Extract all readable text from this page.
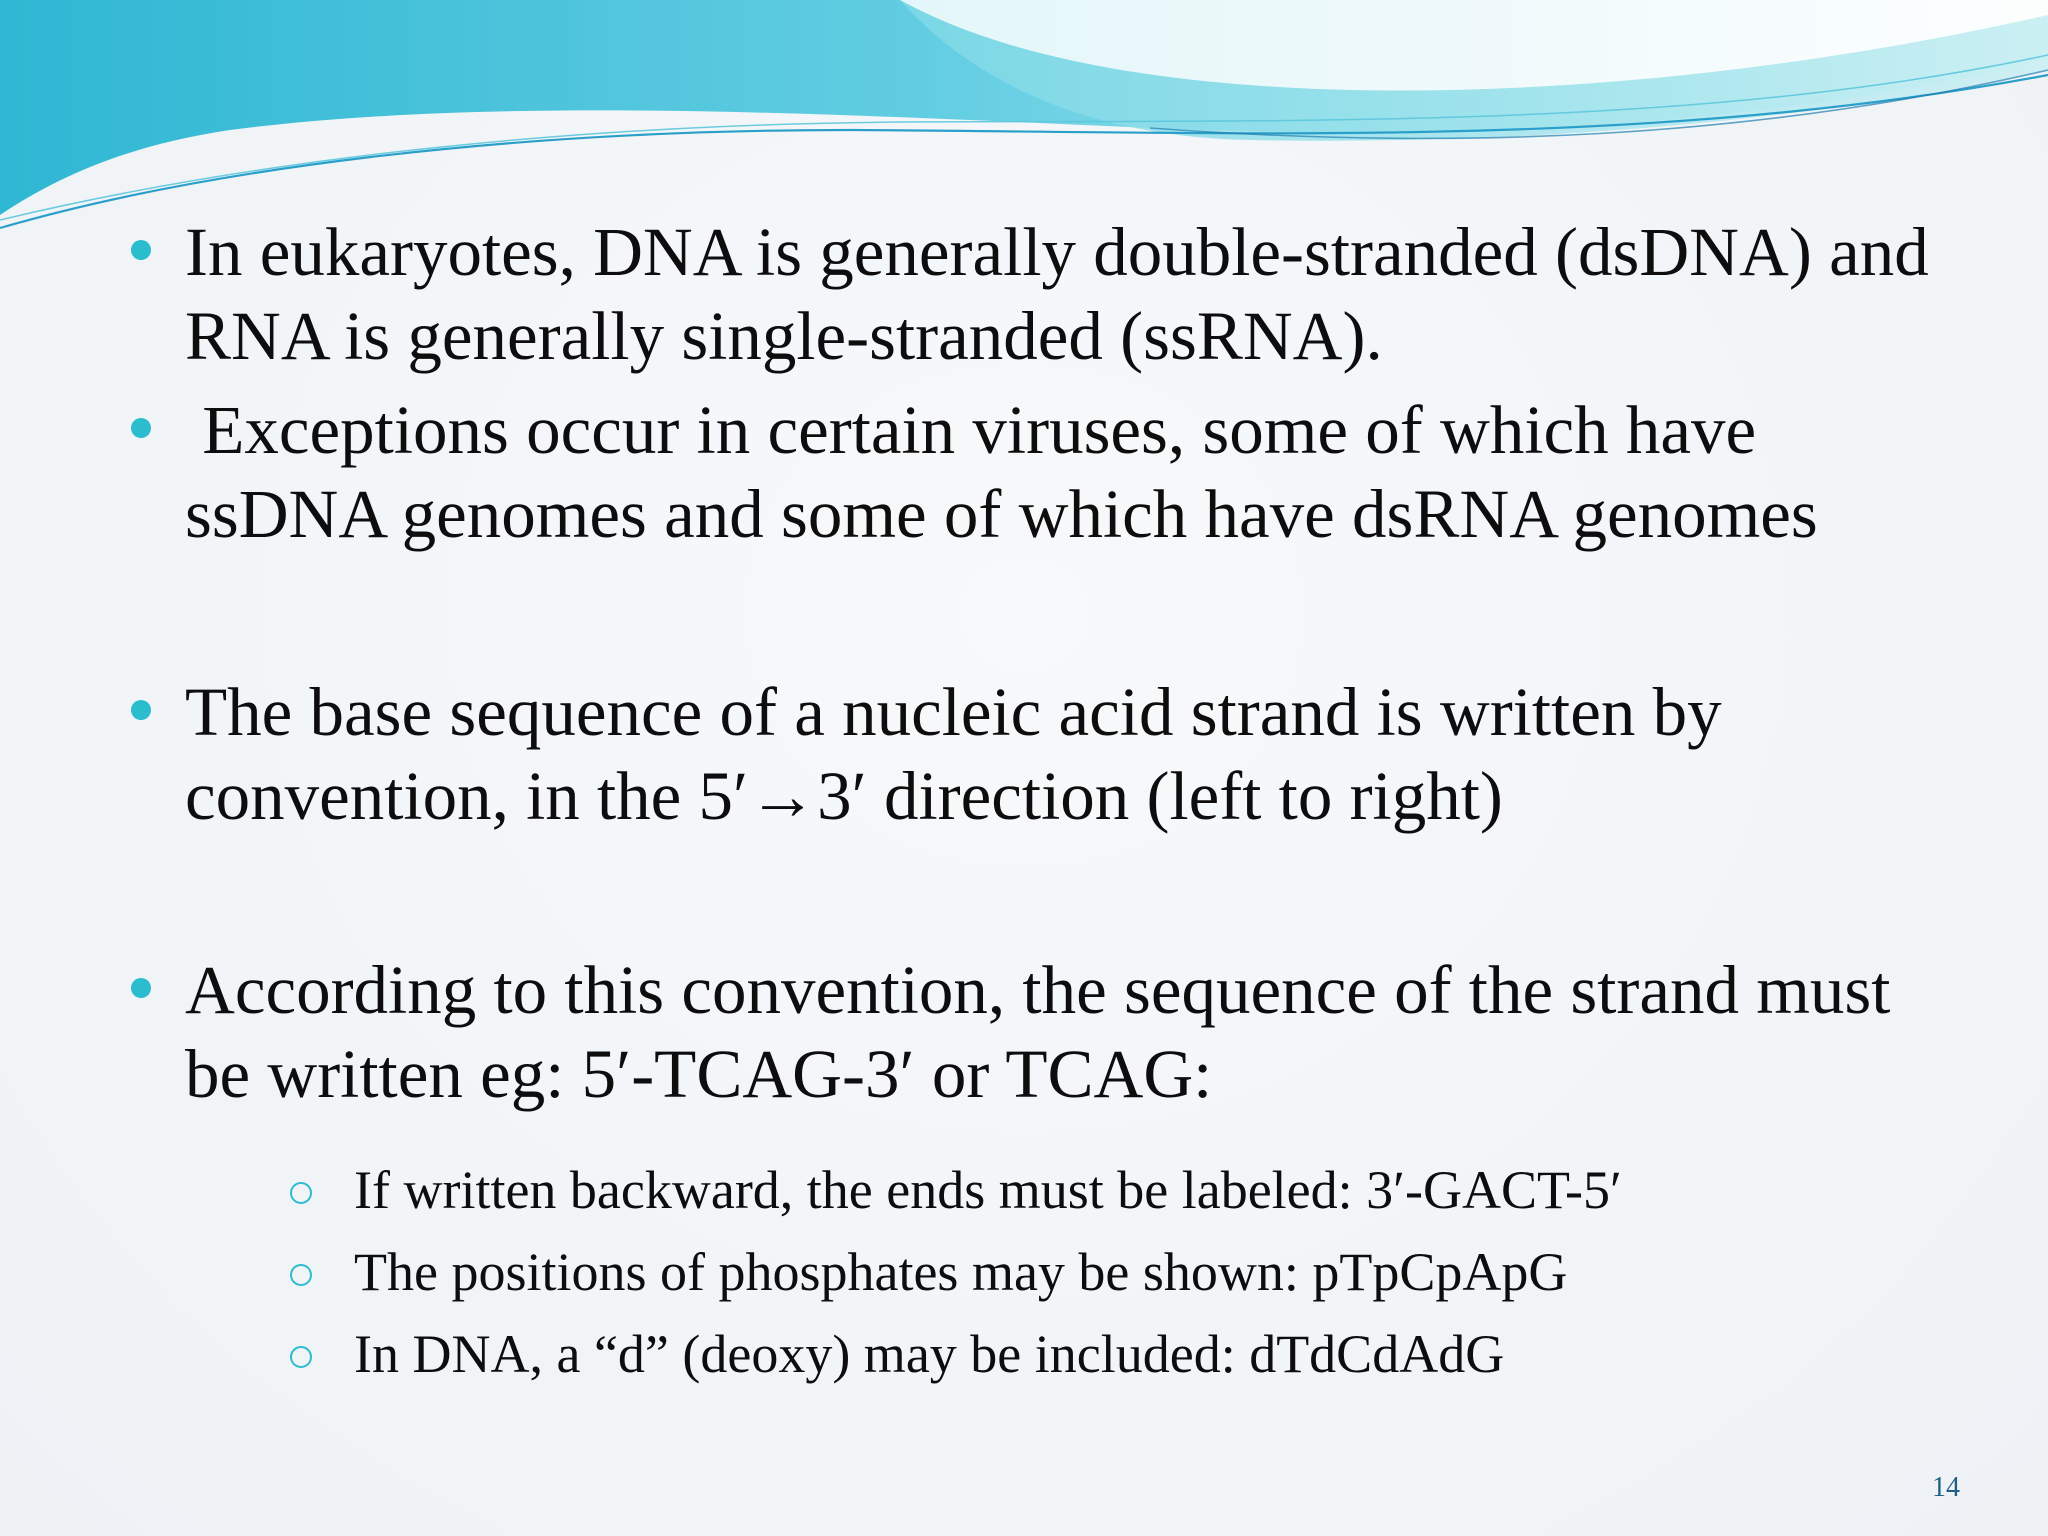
In eukaryotes, DNA is generally double-stranded (dsDNA) and
RNA is generally single-stranded (ssRNA).
Exceptions occur in certain viruses, some of which have
ssDNA genomes and some of which have dsRNA genomes
The base sequence of a nucleic acid strand is written by
convention, in the 5′→3′ direction (left to right)
According to this convention, the sequence of the strand must
be written eg: 5′-TCAG-3′ or TCAG:
If written backward, the ends must be labeled: 3′-GACT-5′
The positions of phosphates may be shown: pTpCpApG
In DNA, a “d” (deoxy) may be included: dTdCdAdG
14
